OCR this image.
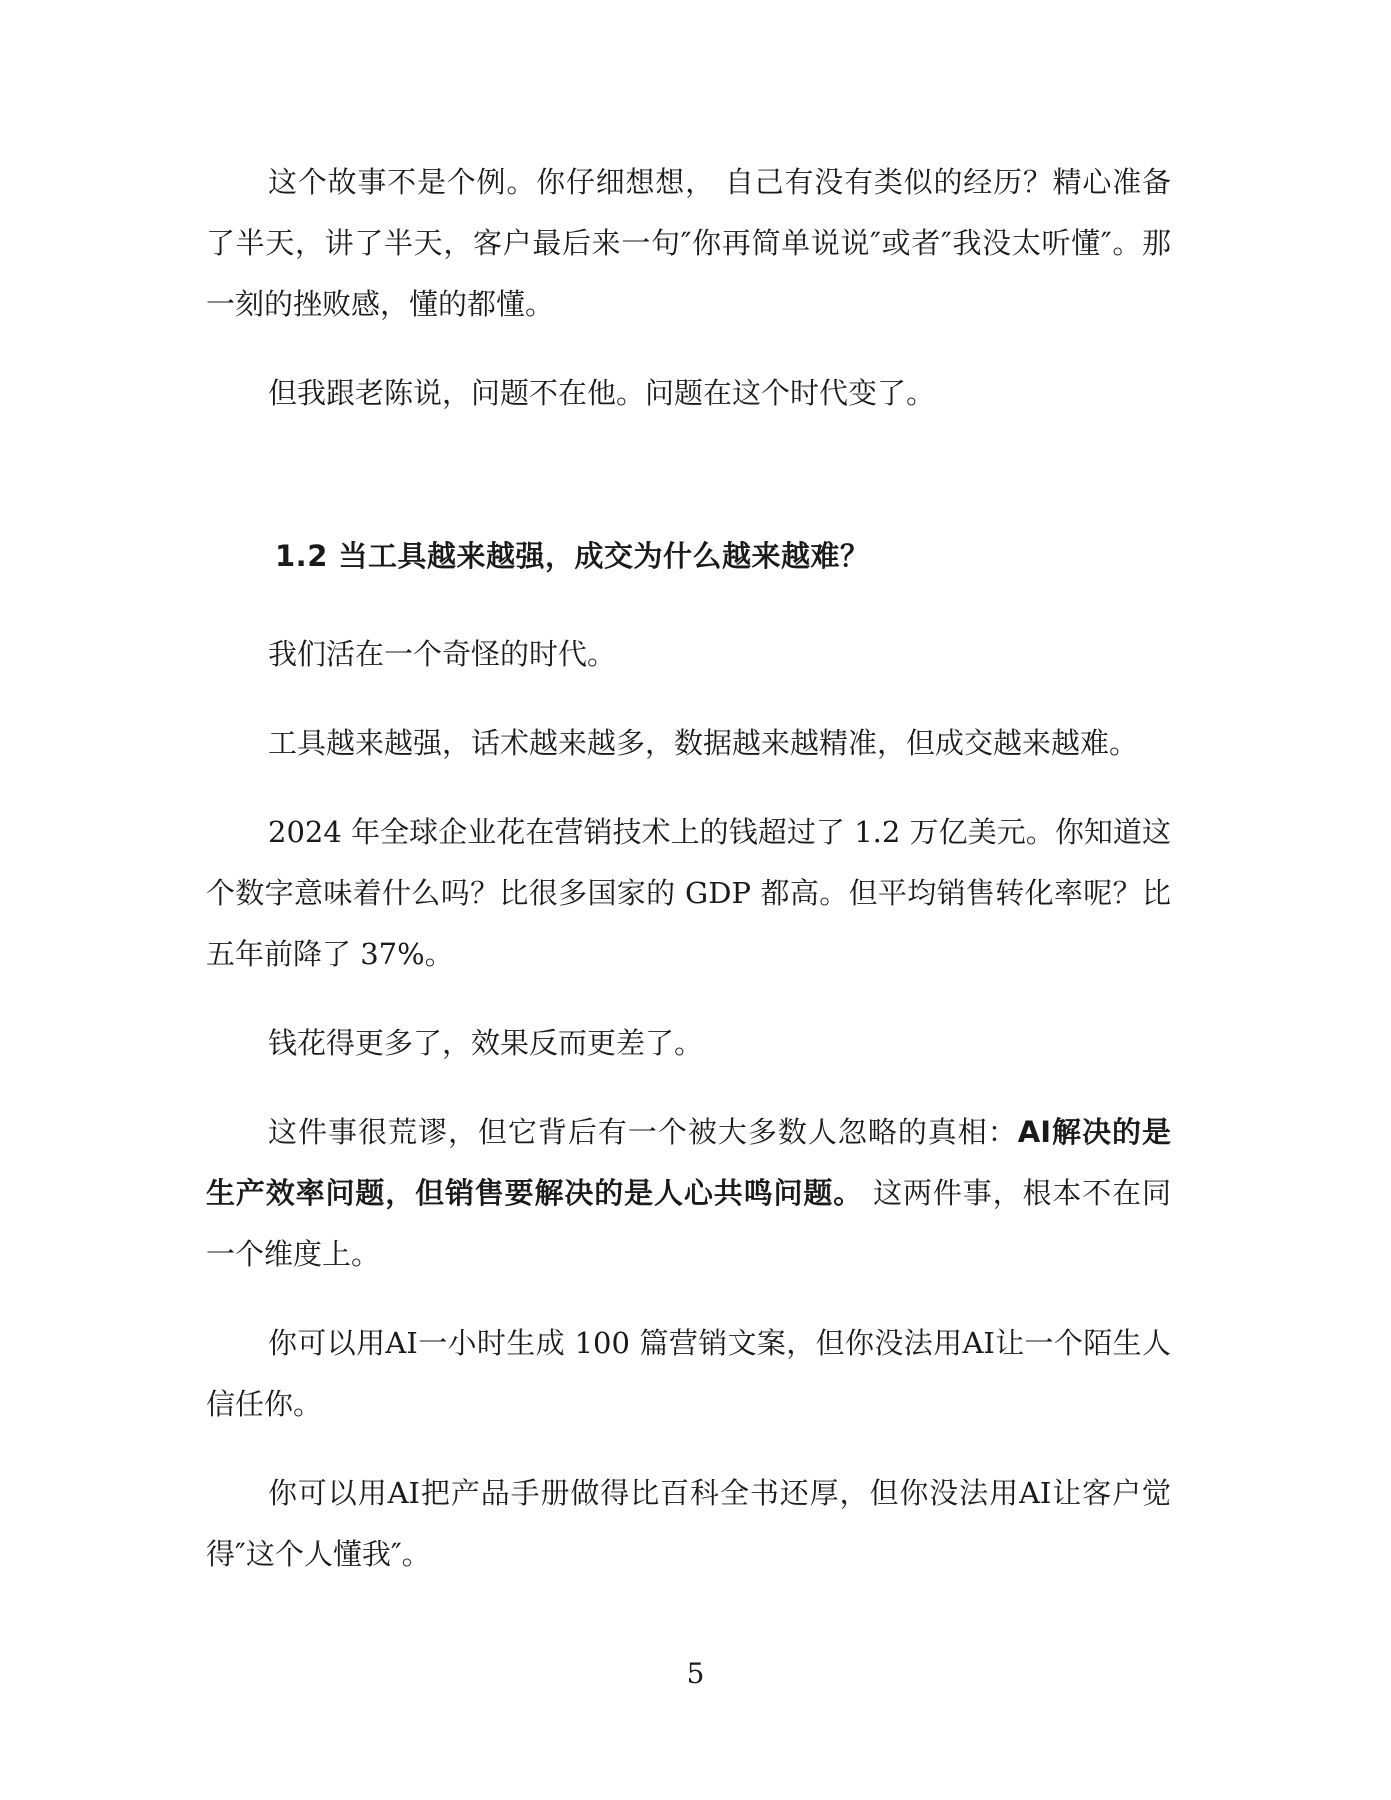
这个故事不是个例。你仔细想想， 自己有没有类似的经历？精心准备了半天，讲了半天，客户最后来一句″你再简单说说″或者″我没太听懂″。那一刻的挫败感，懂的都懂。

但我跟老陈说，问题不在他。问题在这个时代变了。

1.2 当工具越来越强，成交为什么越来越难？

我们活在一个奇怪的时代。

工具越来越强，话术越来越多，数据越来越精准，但成交越来越难。

2024 年全球企业花在营销技术上的钱超过了 1.2 万亿美元。你知道这个数字意味着什么吗？比很多国家的 GDP 都高。但平均销售转化率呢？比五年前降了 37%。

钱花得更多了，效果反而更差了。

这件事很荒谬，但它背后有一个被大多数人忽略的真相：AI解决的是生产效率问题，但销售要解决的是人心共鸣问题。 这两件事，根本不在同一个维度上。

你可以用AI一小时生成 100 篇营销文案，但你没法用AI让一个陌生人信任你。

你可以用AI把产品手册做得比百科全书还厚，但你没法用AI让客户觉得″这个人懂我″。

5
